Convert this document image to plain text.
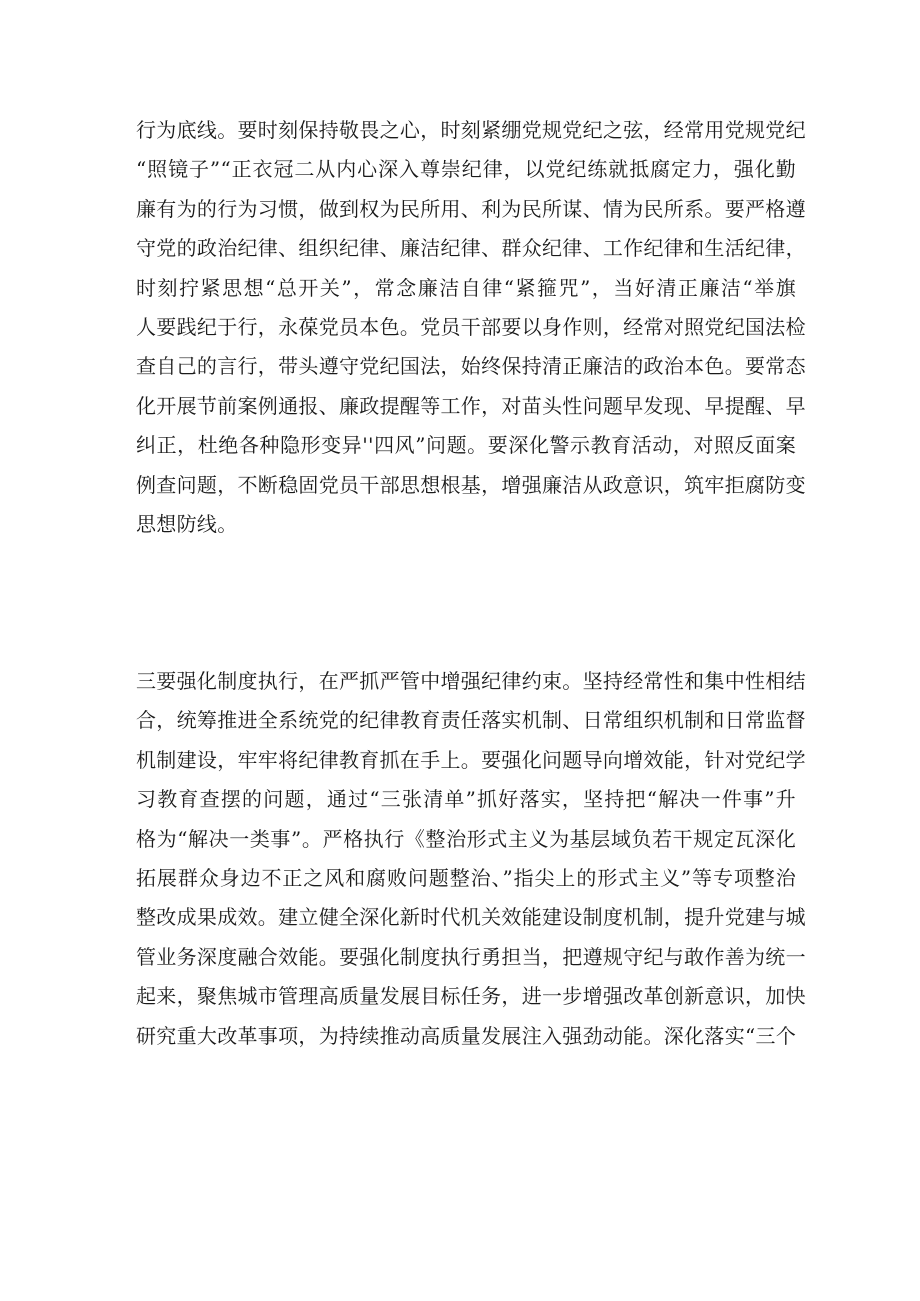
行为底线。要时刻保持敬畏之心，时刻紧绷党规党纪之弦，经常用党规党纪
“照镜子”“正衣冠二从内心深入尊崇纪律，以党纪练就抵腐定力，强化勤
廉有为的行为习惯，做到权为民所用、利为民所谋、情为民所系。要严格遵
守党的政治纪律、组织纪律、廉洁纪律、群众纪律、工作纪律和生活纪律，
时刻拧紧思想“总开关”，常念廉洁自律“紧箍咒”，当好清正廉洁“举旗
人要践纪于行，永葆党员本色。党员干部要以身作则，经常对照党纪国法检
查自己的言行，带头遵守党纪国法，始终保持清正廉洁的政治本色。要常态
化开展节前案例通报、廉政提醒等工作，对苗头性问题早发现、早提醒、早
纠正，杜绝各种隐形变异''四风”问题。要深化警示教育活动，对照反面案
例查问题，不断稳固党员干部思想根基，增强廉洁从政意识，筑牢拒腐防变
思想防线。
三要强化制度执行，在严抓严管中增强纪律约束。坚持经常性和集中性相结
合，统筹推进全系统党的纪律教育责任落实机制、日常组织机制和日常监督
机制建设，牢牢将纪律教育抓在手上。要强化问题导向增效能，针对党纪学
习教育查摆的问题，通过“三张清单”抓好落实，坚持把“解决一件事”升
格为“解决一类事”。严格执行《整治形式主义为基层域负若干规定瓦深化
拓展群众身边不正之风和腐败问题整治、”指尖上的形式主义”等专项整治
整改成果成效。建立健全深化新时代机关效能建设制度机制，提升党建与城
管业务深度融合效能。要强化制度执行勇担当，把遵规守纪与敢作善为统一
起来，聚焦城市管理高质量发展目标任务，进一步增强改革创新意识，加快
研究重大改革事项，为持续推动高质量发展注入强劲动能。深化落实“三个
